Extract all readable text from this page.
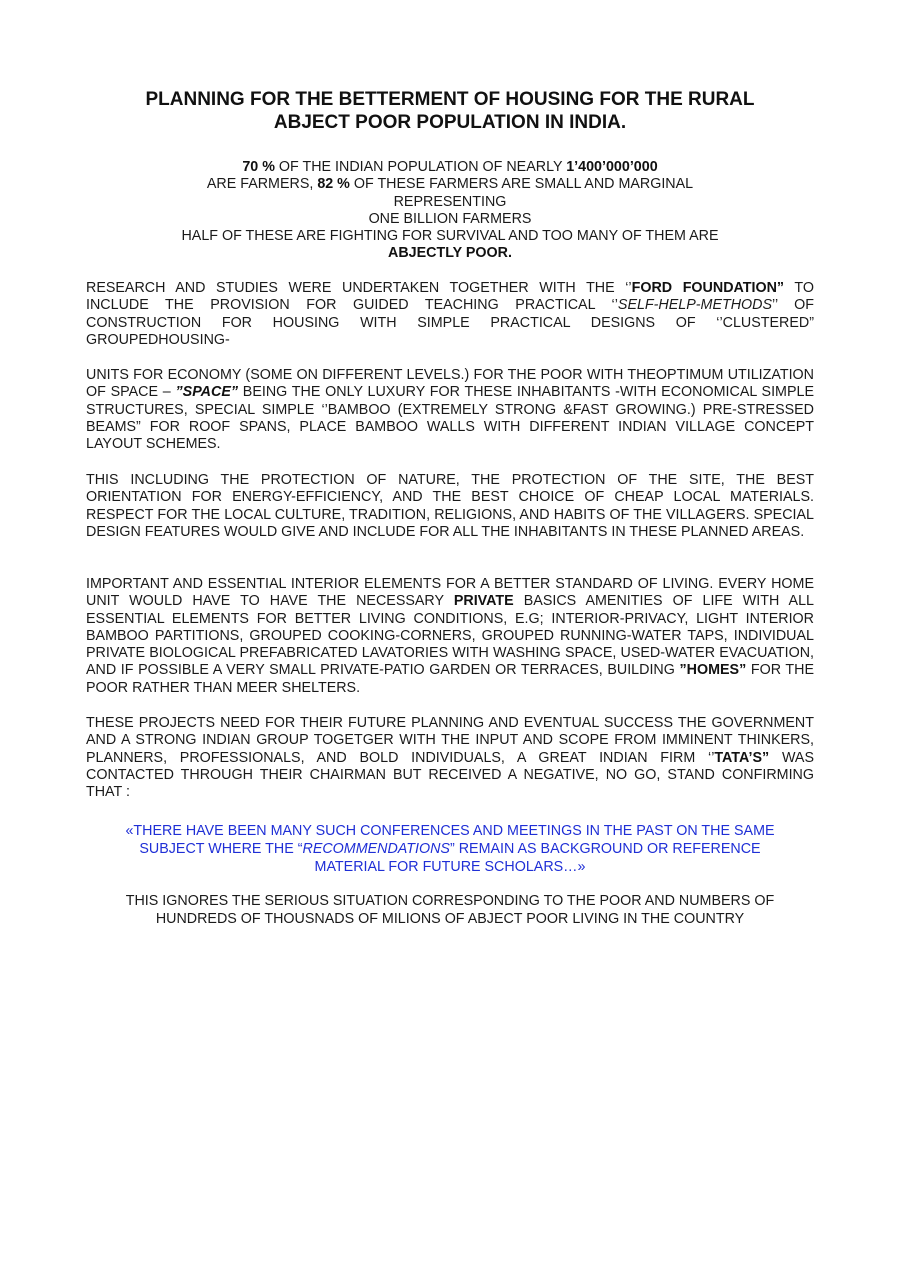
PLANNING FOR THE BETTERMENT OF HOUSING FOR THE RURAL
ABJECT POOR POPULATION IN INDIA.
70 % OF THE INDIAN POPULATION OF NEARLY 1’400’000’000
ARE FARMERS, 82 % OF THESE FARMERS ARE SMALL AND MARGINAL
REPRESENTING
ONE BILLION FARMERS
HALF OF THESE ARE FIGHTING FOR SURVIVAL AND TOO MANY OF THEM ARE
ABJECTLY POOR.

RESEARCH AND STUDIES WERE UNDERTAKEN TOGETHER WITH THE ‘’FORD FOUNDATION” TO INCLUDE THE PROVISION FOR GUIDED TEACHING PRACTICAL ‘’SELF-HELP-METHODS’’ OF CONSTRUCTION FOR HOUSING WITH SIMPLE PRACTICAL DESIGNS OF ‘’CLUSTERED” GROUPEDHOUSING-

UNITS FOR ECONOMY (SOME ON DIFFERENT LEVELS.) FOR THE POOR WITH THEOPTIMUM UTILIZATION OF SPACE – ”SPACE” BEING THE ONLY LUXURY FOR THESE INHABITANTS -WITH ECONOMICAL SIMPLE STRUCTURES, SPECIAL SIMPLE ‘’BAMBOO (EXTREMELY STRONG &FAST GROWING.) PRE-STRESSED BEAMS” FOR ROOF SPANS, PLACE BAMBOO WALLS WITH DIFFERENT INDIAN VILLAGE CONCEPT LAYOUT SCHEMES.

THIS INCLUDING THE PROTECTION OF NATURE, THE PROTECTION OF THE SITE, THE BEST ORIENTATION FOR ENERGY-EFFICIENCY, AND THE BEST CHOICE OF CHEAP LOCAL MATERIALS. RESPECT FOR THE LOCAL CULTURE, TRADITION, RELIGIONS, AND HABITS OF THE VILLAGERS. SPECIAL DESIGN FEATURES WOULD GIVE AND INCLUDE FOR ALL THE INHABITANTS IN THESE PLANNED AREAS.

IMPORTANT AND ESSENTIAL INTERIOR ELEMENTS FOR A BETTER STANDARD OF LIVING. EVERY HOME UNIT WOULD HAVE TO HAVE THE NECESSARY PRIVATE BASICS AMENITIES OF LIFE WITH ALL ESSENTIAL ELEMENTS FOR BETTER LIVING CONDITIONS, E.G; INTERIOR-PRIVACY, LIGHT INTERIOR BAMBOO PARTITIONS, GROUPED COOKING-CORNERS, GROUPED RUNNING-WATER TAPS, INDIVIDUAL PRIVATE BIOLOGICAL PREFABRICATED LAVATORIES WITH WASHING SPACE, USED-WATER EVACUATION, AND IF POSSIBLE A VERY SMALL PRIVATE-PATIO GARDEN OR TERRACES, BUILDING ”HOMES” FOR THE POOR RATHER THAN MEER SHELTERS.

THESE PROJECTS NEED FOR THEIR FUTURE PLANNING AND EVENTUAL SUCCESS THE GOVERNMENT AND A STRONG INDIAN GROUP TOGETGER WITH THE INPUT AND SCOPE FROM IMMINENT THINKERS, PLANNERS, PROFESSIONALS, AND BOLD INDIVIDUALS, A GREAT INDIAN FIRM ‘’TATA’S” WAS CONTACTED THROUGH THEIR CHAIRMAN BUT RECEIVED A NEGATIVE, NO GO, STAND CONFIRMING THAT :

«THERE HAVE BEEN MANY SUCH CONFERENCES AND MEETINGS IN THE PAST ON THE SAME
SUBJECT WHERE THE “RECOMMENDATIONS” REMAIN AS BACKGROUND OR REFERENCE
MATERIAL FOR FUTURE SCHOLARS…»
THIS IGNORES THE SERIOUS SITUATION CORRESPONDING TO THE POOR AND NUMBERS OF
HUNDREDS OF THOUSNADS OF MILIONS OF ABJECT POOR LIVING IN THE COUNTRY
